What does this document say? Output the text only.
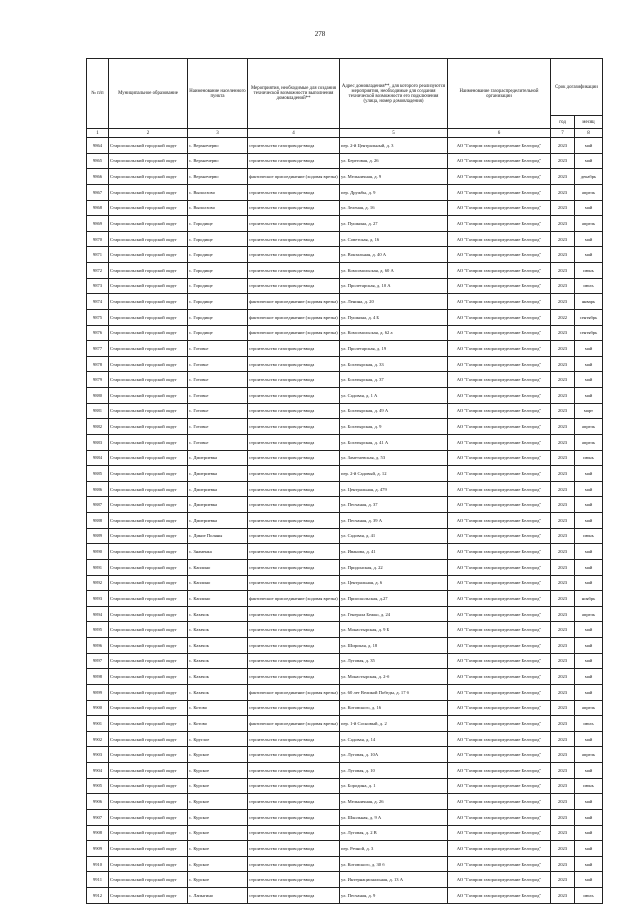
278
№ п/п	Муниципальное образование	Наименование населенного пункта	Мероприятия, необходимые для создания технической возможности выполнения домовладений**	Адрес домовладения**, для которого реализуются мероприятия, необходимые для создания технической возможности его подключения (улица, номер домовладения)	Наименование газораспределительной организации	Срок догазификации	
						год	месяц
1	2	3	4	5	6	7	8
9864	Старооскольский городской округ	с. Верхнечерво	строительство газопровода-ввода	пер. 2-й Центральный, д. 3	АО "Газпром газораспределение Белгород"	2023	май
9865	Старооскольский городской округ	с. Верхнечерво	строительство газопровода-ввода	ул. Береговая, д. 26	АО "Газпром газораспределение Белгород"	2023	май
9866	Старооскольский городской округ	с. Верхнечерво	фактическое присоединение (ходовая врезка)	ул. Мельничная, д. 9	АО "Газпром газораспределение Белгород"	2023	декабрь
9867	Старооскольский городской округ	с. Выползово	строительство газопровода-ввода	пер. Дружбы, д. 9	АО "Газпром газораспределение Белгород"	2023	апрель
9868	Старооскольский городской округ	с. Выползово	строительство газопровода-ввода	ул. Зеленая, д. 16	АО "Газпром газораспределение Белгород"	2023	май
9869	Старооскольский городской округ	с. Городище	строительство газопровода-ввода	ул. Пушкина, д. 27	АО "Газпром газораспределение Белгород"	2023	апрель
9870	Старооскольский городской округ	с. Городище	строительство газопровода-ввода	ул. Советская, д. 16	АО "Газпром газораспределение Белгород"	2023	май
9871	Старооскольский городской округ	с. Городище	строительство газопровода-ввода	ул. Вокзальная, д. 40 А	АО "Газпром газораспределение Белгород"	2023	май
9872	Старооскольский городской округ	с. Городище	строительство газопровода-ввода	ул. Комсомольская, д. 60 А	АО "Газпром газораспределение Белгород"	2023	июнь
9873	Старооскольский городской округ	с. Городище	строительство газопровода-ввода	ул. Пролетарская, д. 10 А	АО "Газпром газораспределение Белгород"	2023	июль
9874	Старооскольский городской округ	с. Городище	фактическое присоединение (ходовая врезка)	ул. Ленина, д. 20	АО "Газпром газораспределение Белгород"	2023	январь
9875	Старооскольский городской округ	с. Городище	фактическое присоединение (ходовая врезка)	ул. Пушкина, д. 4 Б	АО "Газпром газораспределение Белгород"	2022	сентябрь
9876	Старооскольский городской округ	с. Городище	фактическое присоединение (ходовая врезка)	ул. Комсомольская, д. 62 а	АО "Газпром газораспределение Белгород"	2023	сентябрь
9877	Старооскольский городской округ	с. Готовье	строительство газопровода-ввода	ул. Пролетарская, д. 19	АО "Газпром газораспределение Белгород"	2023	май
9878	Старооскольский городской округ	с. Готовье	строительство газопровода-ввода	ул. Богатырская, д. 33	АО "Газпром газораспределение Белгород"	2023	май
9879	Старооскольский городской округ	с. Готовье	строительство газопровода-ввода	ул. Богатырская, д. 37	АО "Газпром газораспределение Белгород"	2023	май
9880	Старооскольский городской округ	с. Готовье	строительство газопровода-ввода	ул. Садовая, д. 1 А	АО "Газпром газораспределение Белгород"	2023	май
9881	Старооскольский городской округ	с. Готовье	строительство газопровода-ввода	ул. Богатырская, д. 49 А	АО "Газпром газораспределение Белгород"	2023	март
9882	Старооскольский городской округ	с. Готовье	строительство газопровода-ввода	ул. Богатырская, д. 9	АО "Газпром газораспределение Белгород"	2023	апрель
9883	Старооскольский городской округ	с. Готовье	строительство газопровода-ввода	ул. Богатырская, д. 41 А	АО "Газпром газораспределение Белгород"	2023	апрель
9884	Старооскольский городской округ	с. Дмитриевка	строительство газопровода-ввода	ул. Заметаевская, д. 53	АО "Газпром газораспределение Белгород"	2023	июнь
9885	Старооскольский городской округ	с. Дмитриевка	строительство газопровода-ввода	пер. 2-й Садовый, д. 12	АО "Газпром газораспределение Белгород"	2023	май
9886	Старооскольский городской округ	с. Дмитриевка	строительство газопровода-ввода	ул. Центральная, д. 479	АО "Газпром газораспределение Белгород"	2023	май
9887	Старооскольский городской округ	с. Дмитриевка	строительство газопровода-ввода	ул. Песчаная, д. 37	АО "Газпром газораспределение Белгород"	2023	май
9888	Старооскольский городской округ	с. Дмитриевка	строительство газопровода-ввода	ул. Песчаная, д. 39 А	АО "Газпром газораспределение Белгород"	2023	май
9889	Старооскольский городской округ	с. Дикие Поляны	строительство газопровода-ввода	ул. Садовая, д. 41	АО "Газпром газораспределение Белгород"	2023	июнь
9890	Старооскольский городской округ	с. Знаменка	строительство газопровода-ввода	ул. Иванова, д. 41	АО "Газпром газораспределение Белгород"	2023	май
9891	Старооскольский городской округ	с. Каплино	строительство газопровода-ввода	ул. Придонская, д. 22	АО "Газпром газораспределение Белгород"	2023	май
9892	Старооскольский городской округ	с. Каплино	строительство газопровода-ввода	ул. Центральная, д. 6	АО "Газпром газораспределение Белгород"	2023	май
9893	Старооскольский городской округ	с. Каплино	фактическое присоединение (ходовая врезка)	ул. Приоскольская, д.27	АО "Газпром газораспределение Белгород"	2023	ноябрь
9894	Старооскольский городской округ	с. Казачок	строительство газопровода-ввода	ул. Генерала Бежко, д. 24	АО "Газпром газораспределение Белгород"	2023	апрель
9895	Старооскольский городской округ	с. Казачок	строительство газопровода-ввода	ул. Монастырская, д. 9 Б	АО "Газпром газораспределение Белгород"	2023	май
9896	Старооскольский городской округ	с. Казачок	строительство газопровода-ввода	ул. Широкая, д. 18	АО "Газпром газораспределение Белгород"	2023	май
9897	Старооскольский городской округ	с. Казачок	строительство газопровода-ввода	ул. Луговая, д. 35	АО "Газпром газораспределение Белгород"	2023	май
9898	Старооскольский городской округ	с. Казачок	строительство газопровода-ввода	ул. Монастырская, д. 2-б	АО "Газпром газораспределение Белгород"	2023	май
9899	Старооскольский городской округ	с. Казачок	фактическое присоединение (ходовая врезка)	ул. 60 лет Великой Победы, д. 17 б	АО "Газпром газораспределение Белгород"	2023	май
9900	Старооскольский городской округ	с. Котово	строительство газопровода-ввода	ул. Котовского, д. 16	АО "Газпром газораспределение Белгород"	2023	апрель
9901	Старооскольский городской округ	с. Котово	фактическое присоединение (ходовая врезка)	пер. 1-й Сосновый, д. 2	АО "Газпром газораспределение Белгород"	2023	июль
9902	Старооскольский городской округ	с. Круглое	строительство газопровода-ввода	ул. Садовая, д. 14	АО "Газпром газораспределение Белгород"	2023	май
9903	Старооскольский городской округ	с. Курское	строительство газопровода-ввода	ул. Луговая, д. 10А	АО "Газпром газораспределение Белгород"	2023	апрель
9904	Старооскольский городской округ	с. Курское	строительство газопровода-ввода	ул. Луговая, д. 10	АО "Газпром газораспределение Белгород"	2023	май
9905	Старооскольский городской округ	с. Курское	строительство газопровода-ввода	ул. Бородина, д. 1	АО "Газпром газораспределение Белгород"	2023	июнь
9906	Старооскольский городской округ	с. Курское	строительство газопровода-ввода	ул. Мельничная, д. 26	АО "Газпром газораспределение Белгород"	2023	май
9907	Старооскольский городской округ	с. Курское	строительство газопровода-ввода	ул. Школьная, д. 9 А	АО "Газпром газораспределение Белгород"	2023	май
9908	Старооскольский городской округ	с. Курское	строительство газопровода-ввода	ул. Луговая, д. 2 В	АО "Газпром газораспределение Белгород"	2023	май
9909	Старооскольский городской округ	с. Курское	строительство газопровода-ввода	пер. Речной, д. 3	АО "Газпром газораспределение Белгород"	2023	май
9910	Старооскольский городской округ	с. Курское	строительство газопровода-ввода	ул. Котовского, д. 30 б	АО "Газпром газораспределение Белгород"	2023	май
9911	Старооскольский городской округ	с. Курское	строительство газопровода-ввода	ул. Интернациональная, д. 13 А	АО "Газпром газораспределение Белгород"	2023	май
9912	Старооскольский городской округ	с. Лапыгино	строительство газопровода-ввода	ул. Песчаная, д. 9	АО "Газпром газораспределение Белгород"	2023	июль
